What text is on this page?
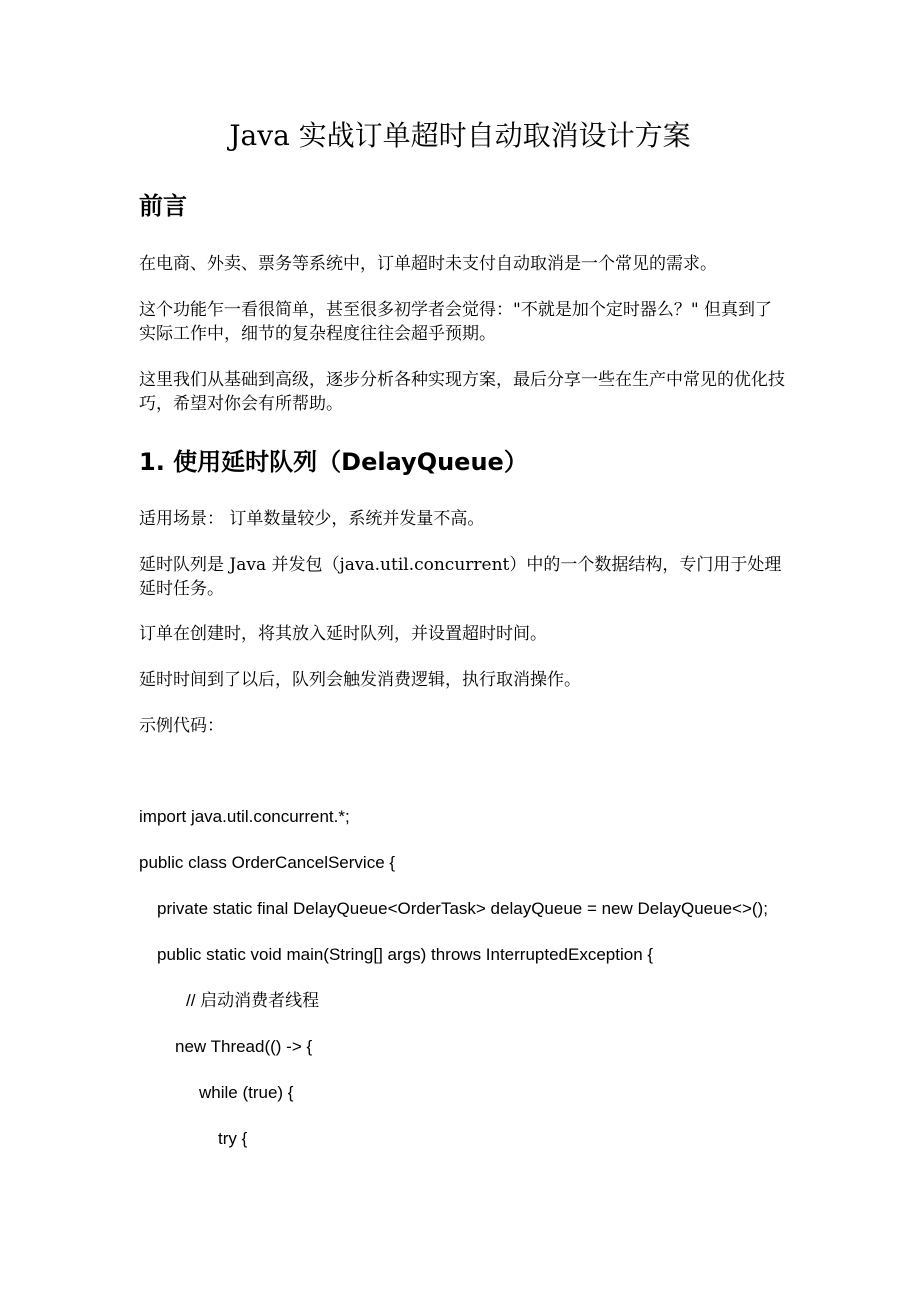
Java 实战订单超时自动取消设计方案
前言

在电商、外卖、票务等系统中，订单超时未支付自动取消是一个常见的需求。

这个功能乍一看很简单，甚至很多初学者会觉得："不就是加个定时器么？" 但真到了实际工作中，细节的复杂程度往往会超乎预期。

这里我们从基础到高级，逐步分析各种实现方案，最后分享一些在生产中常见的优化技巧，希望对你会有所帮助。

1. 使用延时队列（DelayQueue）

适用场景： 订单数量较少，系统并发量不高。

延时队列是 Java 并发包（java.util.concurrent）中的一个数据结构，专门用于处理延时任务。

订单在创建时，将其放入延时队列，并设置超时时间。

延时时间到了以后，队列会触发消费逻辑，执行取消操作。

示例代码：

import java.util.concurrent.*;
public class OrderCancelService {
private static final DelayQueue<OrderTask> delayQueue = new DelayQueue<>();
public static void main(String[] args) throws InterruptedException {
// 启动消费者线程
new Thread(() -> {
while (true) {
try {
